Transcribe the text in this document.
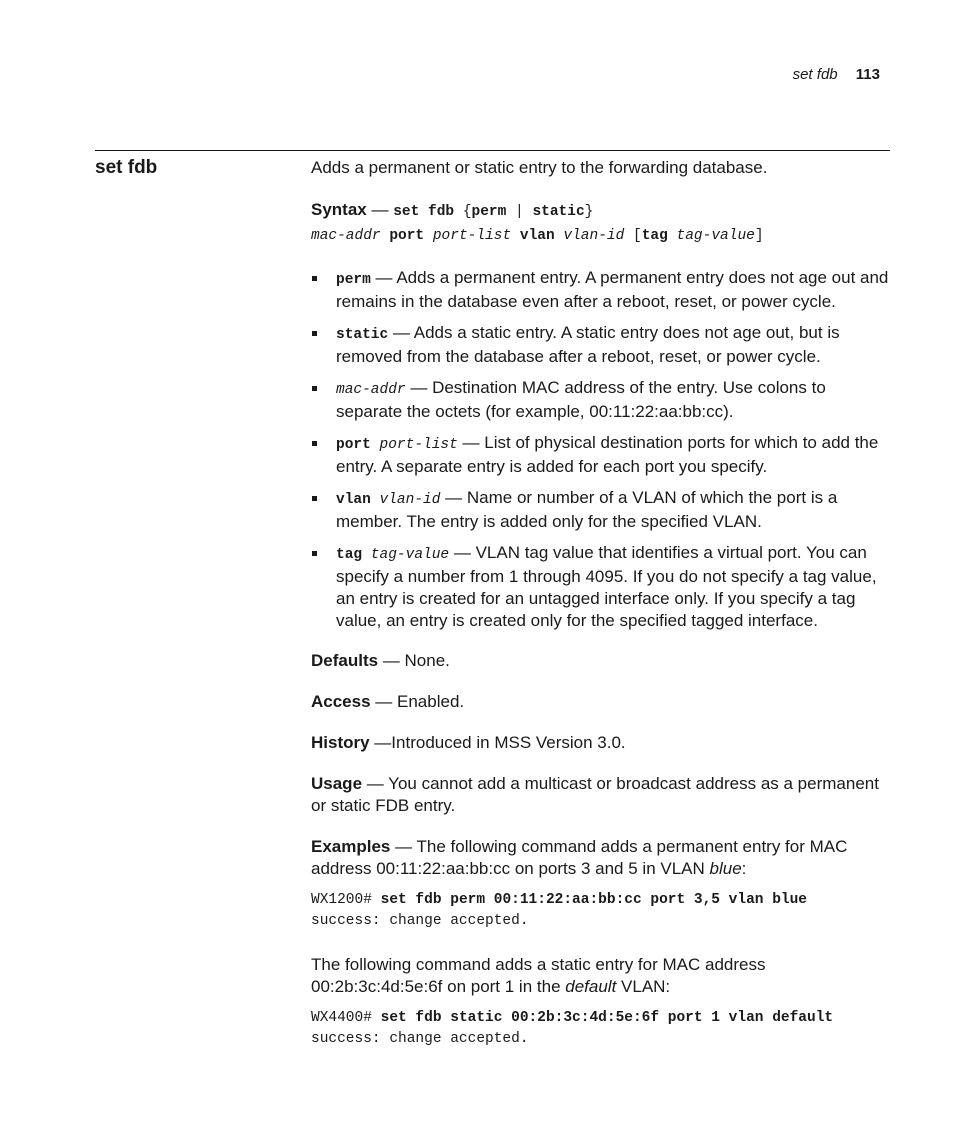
set fdb 113
set fdb	Adds a permanent or static entry to the forwarding database.

Syntax — set fdb {perm | static}

mac-addr port port-list vlan vlan-id [tag tag-value]

perm — Adds a permanent entry. A permanent entry does not age out and remains in the database even after a reboot, reset, or power cycle.
static — Adds a static entry. A static entry does not age out, but is removed from the database after a reboot, reset, or power cycle.
mac-addr — Destination MAC address of the entry. Use colons to separate the octets (for example, 00:11:22:aa:bb:cc).
port port-list — List of physical destination ports for which to add the entry. A separate entry is added for each port you specify.
vlan vlan-id — Name or number of a VLAN of which the port is a member. The entry is added only for the specified VLAN.
tag tag-value — VLAN tag value that identifies a virtual port. You can specify a number from 1 through 4095. If you do not specify a tag value, an entry is created for an untagged interface only. If you specify a tag value, an entry is created only for the specified tagged interface.

Defaults — None.

Access — Enabled.

History —Introduced in MSS Version 3.0.

Usage — You cannot add a multicast or broadcast address as a permanent or static FDB entry.

Examples — The following command adds a permanent entry for MAC address 00:11:22:aa:bb:cc on ports 3 and 5 in VLAN blue:

WX1200# set fdb perm 00:11:22:aa:bb:cc port 3,5 vlan blue
success: change accepted.

The following command adds a static entry for MAC address 00:2b:3c:4d:5e:6f on port 1 in the default VLAN:

WX4400# set fdb static 00:2b:3c:4d:5e:6f port 1 vlan default
success: change accepted.
